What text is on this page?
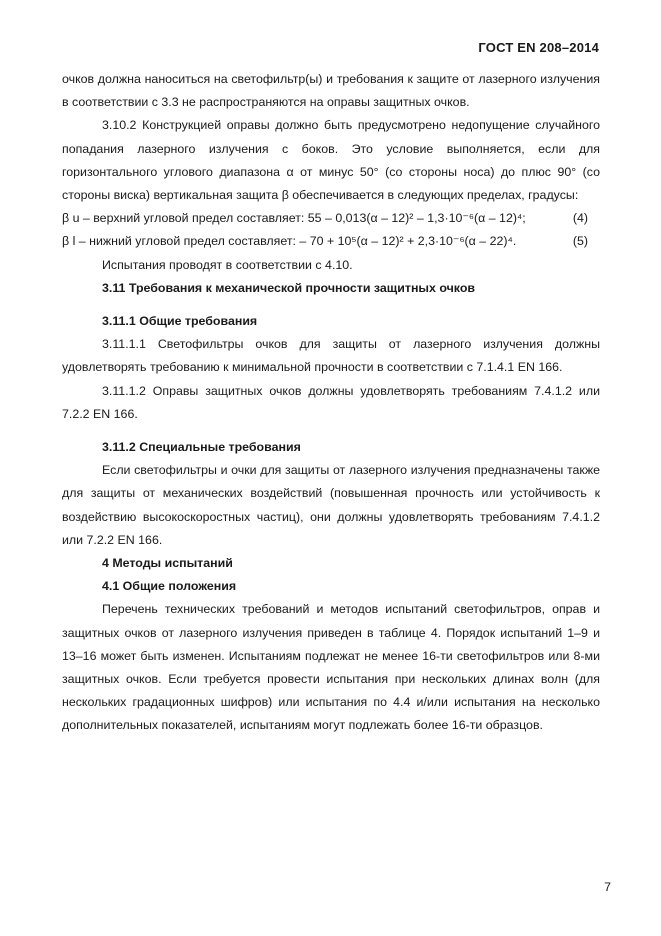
ГОСТ EN 208–2014

очков должна наноситься на светофильтр(ы) и требования к защите от лазерного излучения в соответствии с 3.3 не распространяются на оправы защитных очков.

3.10.2 Конструкцией оправы должно быть предусмотрено недопущение случайного попадания лазерного излучения с боков. Это условие выполняется, если для горизонтального углового диапазона α от минус 50° (со стороны носа) до плюс 90° (со стороны виска) вертикальная защита β обеспечивается в следующих пределах, градусы:

β u – верхний угловой предел составляет: 55 – 0,013(α – 12)² – 1,3·10⁻⁶(α – 12)⁴;	(4)
β l – нижний угловой предел составляет: – 70 + 10⁵(α – 12)² + 2,3·10⁻⁶(α – 22)⁴.	(5)

Испытания проводят в соответствии с 4.10.

3.11 Требования к механической прочности защитных очков

3.11.1 Общие требования

3.11.1.1 Светофильтры очков для защиты от лазерного излучения должны удовлетворять требованию к минимальной прочности в соответствии с 7.1.4.1 EN 166.

3.11.1.2 Оправы защитных очков должны удовлетворять требованиям 7.4.1.2 или 7.2.2 EN 166.

3.11.2 Специальные требования

Если светофильтры и очки для защиты от лазерного излучения предназначены также для защиты от механических воздействий (повышенная прочность или устойчивость к воздействию высокоскоростных частиц), они должны удовлетворять требованиям 7.4.1.2 или 7.2.2 EN 166.

4 Методы испытаний

4.1 Общие положения

Перечень технических требований и методов испытаний светофильтров, оправ и защитных очков от лазерного излучения приведен в таблице 4. Порядок испытаний 1–9 и 13–16 может быть изменен. Испытаниям подлежат не менее 16-ти светофильтров или 8-ми защитных очков. Если требуется провести испытания при нескольких длинах волн (для нескольких градационных шифров) или испытания по 4.4 и/или испытания на несколько дополнительных показателей, испытаниям могут подлежать более 16-ти образцов.

7
